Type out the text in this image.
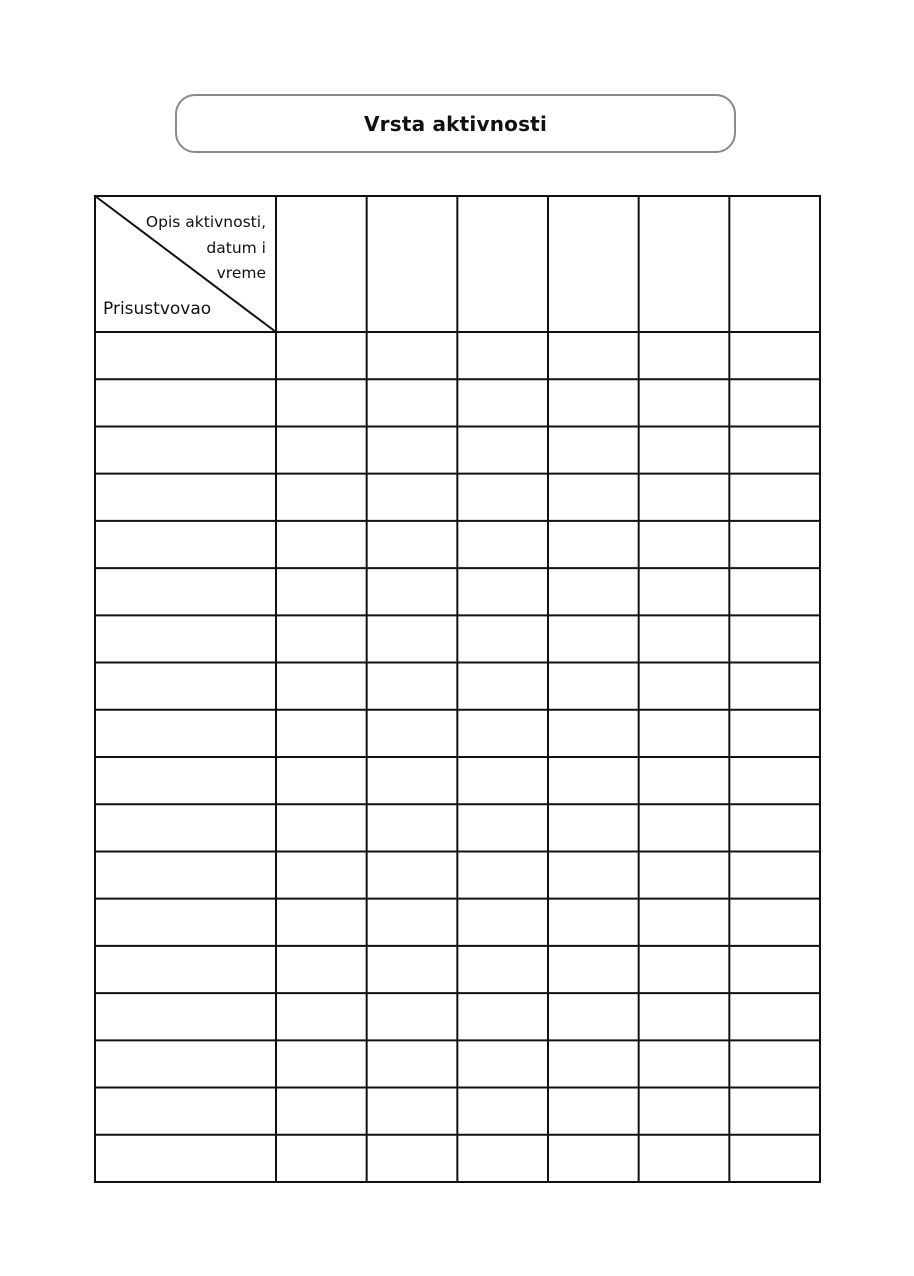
Vrsta aktivnosti
Opis aktivnosti,
datum i
vreme
Prisustvovao
